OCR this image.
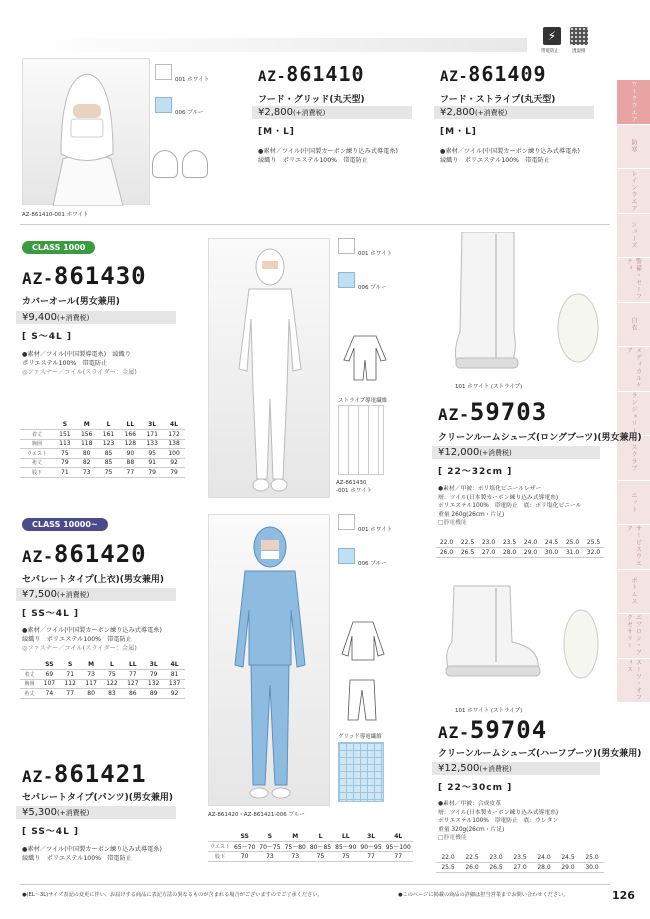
⚡
帯電防止	透湿撥
ワークウエア
防寒
レインウエア
シューズ
警備・セーフティ
白衣
メディカルケア
ランジェリー
スクラブ
ニット
サービスウエア
ボトムス
エプロン・アクセサリー
スーツ・オフィス
AZ-861410-001 ホワイト
001 ホワイト
006 ブルー
AZ-861410
フード・グリッド(丸天型)
¥2,800(+消費税)
[M・L]
●素材／ツイル(中国製カーボン練り込み式導電糸)
綾織り　ポリエステル100%　帯電防止
AZ-861409
フード・ストライプ(丸天型)
¥2,800(+消費税)
[M・L]
●素材／ツイル(中国製カーボン練り込み式導電糸)
綾織り　ポリエステル100%　帯電防止
CLASS 1000
AZ-861430
カバーオール(男女兼用)
¥9,400(+消費税)
[ S～4L ]
●素材／ツイル(中国製導電糸)　綾織り
ポリエステル100%　帯電防止
◎ファスナー／コイル(スライダー：金属)
	S	M	L	LL	3L	4L
着丈	151	156	161	166	171	172
胸囲	113	118	123	128	133	138
ウエスト	75	80	85	90	95	100
裄丈	79	82	85	88	91	92
股下	71	73	75	77	79	79
001 ホワイト
006 ブルー
ストライプ導電繊維
AZ-861430
-001 ホワイト
CLASS 10000~
AZ-861420
セパレートタイプ(上衣)(男女兼用)
¥7,500(+消費税)
[ SS～4L ]
●素材／ツイル(中国製カーボン練り込み式導電糸)
綾織り　ポリエステル100%　帯電防止
◎ファスナー／コイル(スライダー：金属)
	SS	S	M	L	LL	3L	4L
着丈	69	71	73	75	77	79	81
胸囲	107	112	117	122	127	132	137
裄丈	74	77	80	83	86	89	92
001 ホワイト
006 ブルー
グリッド導電繊維
AZ-861420・AZ-861421-006 ブルー
AZ-861421
セパレートタイプ(パンツ)(男女兼用)
¥5,300(+消費税)
[ SS～4L ]
●素材／ツイル(中国製カーボン練り込み式導電糸)
綾織り　ポリエステル100%　帯電防止
	SS	S	M	L	LL	3L	4L
ウエスト	65〜70	70〜75	75〜80	80〜85	85〜90	90〜95	95〜100
股下	70	73	73	75	75	77	77
101 ホワイト (ストライプ)
AZ-59703
クリーンルームシューズ(ロングブーツ)(男女兼用)
¥12,000(+消費税)
[ 22～32cm ]
●素材／甲被：ポリ塩化ビニールレザー
層：ツイル(日本製カーボン練り込み式導電糸)
ポリエステル100%　帯電防止　底：ポリ塩化ビニール
重量 260g(26cm・片足)
□静電機能
22.0	22.5	23.0	23.5	24.0	24.5	25.0	25.5
26.0	26.5	27.0	28.0	29.0	30.0	31.0	32.0
101 ホワイト (ストライプ)
AZ-59704
クリーンルームシューズ(ハーフブーツ)(男女兼用)
¥12,500(+消費税)
[ 22～30cm ]
●素材／甲被：合成皮革
層：ツイル(日本製カーボン練り込み式導電糸)
ポリエステル100%　帯電防止　底：ウレタン
重量 320g(26cm・片足)
□静電機能
22.0	22.5	23.0	23.5	24.0	24.5	25.0
25.5	26.0	26.5	27.0	28.0	29.0	30.0
●(EL～3L)サイズ表記の変更に伴い、お届けする商品に表記方法の異なるものが含まれる場合がございますのでご了承ください。	●このページに掲載の商品の詳細は担当営業までお問い合わせください。	126
